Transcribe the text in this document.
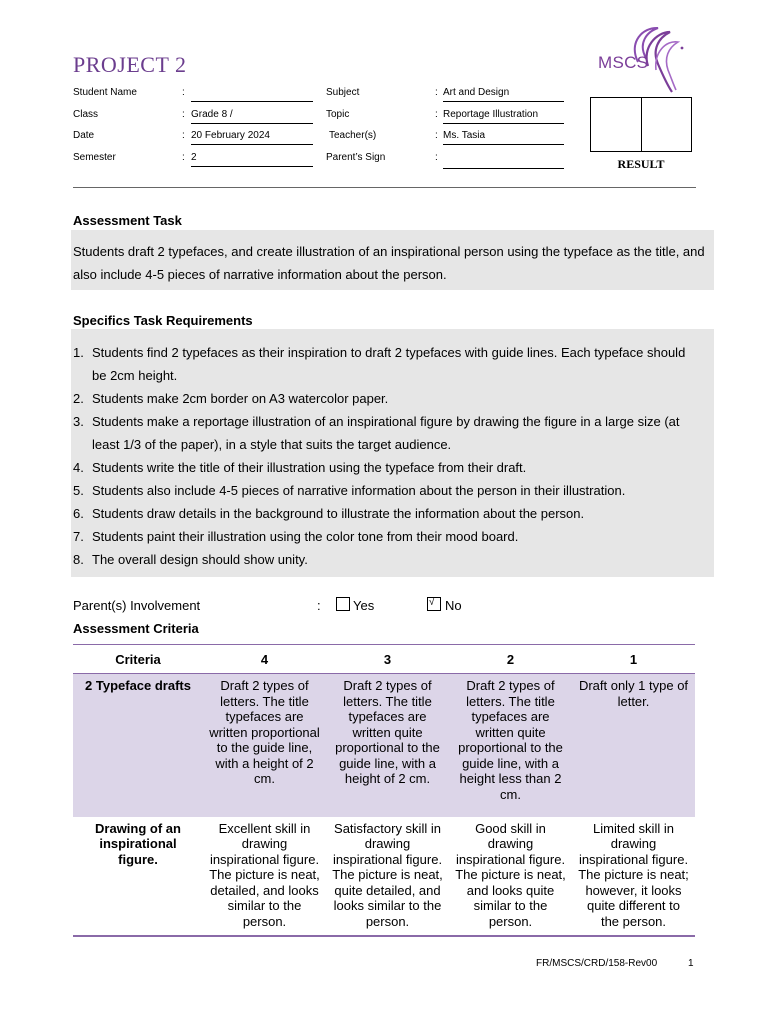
PROJECT 2	MSCS
Student Name	:
Class	: Grade 8 /
Date	: 20 February 2024
Semester	: 2
Subject	: Art and Design
Topic	: Reportage Illustration
Teacher(s)	: Ms. Tasia
Parent’s Sign	:	RESULT
Assessment Task
Students draft 2 typefaces, and create illustration of an inspirational person using the typeface as the title, and also include 4-5 pieces of narrative information about the person.
Specifics Task Requirements
1. Students find 2 typefaces as their inspiration to draft 2 typefaces with guide lines. Each typeface should be 2cm height.
2. Students make 2cm border on A3 watercolor paper.
3. Students make a reportage illustration of an inspirational figure by drawing the figure in a large size (at least 1/3 of the paper), in a style that suits the target audience.
4. Students write the title of their illustration using the typeface from their draft.
5. Students also include 4-5 pieces of narrative information about the person in their illustration.
6. Students draw details in the background to illustrate the information about the person.
7. Students paint their illustration using the color tone from their mood board.
8. The overall design should show unity.
Parent(s) Involvement	: Yes	√ No
Assessment Criteria
Criteria	4	3	2	1
2 Typeface drafts	Draft 2 types of letters. The title typefaces are written proportional to the guide line, with a height of 2 cm.	Draft 2 types of letters. The title typefaces are written quite proportional to the guide line, with a height of 2 cm.	Draft 2 types of letters. The title typefaces are written quite proportional to the guide line, with a height less than 2 cm.	Draft only 1 type of letter.
Drawing of an inspirational figure.	Excellent skill in drawing inspirational figure. The picture is neat, detailed, and looks similar to the person.	Satisfactory skill in drawing inspirational figure. The picture is neat, quite detailed, and looks similar to the person.	Good skill in drawing inspirational figure. The picture is neat, and looks quite similar to the person.	Limited skill in drawing inspirational figure. The picture is neat; however, it looks quite different to the person.
FR/MSCS/CRD/158-Rev00	1
